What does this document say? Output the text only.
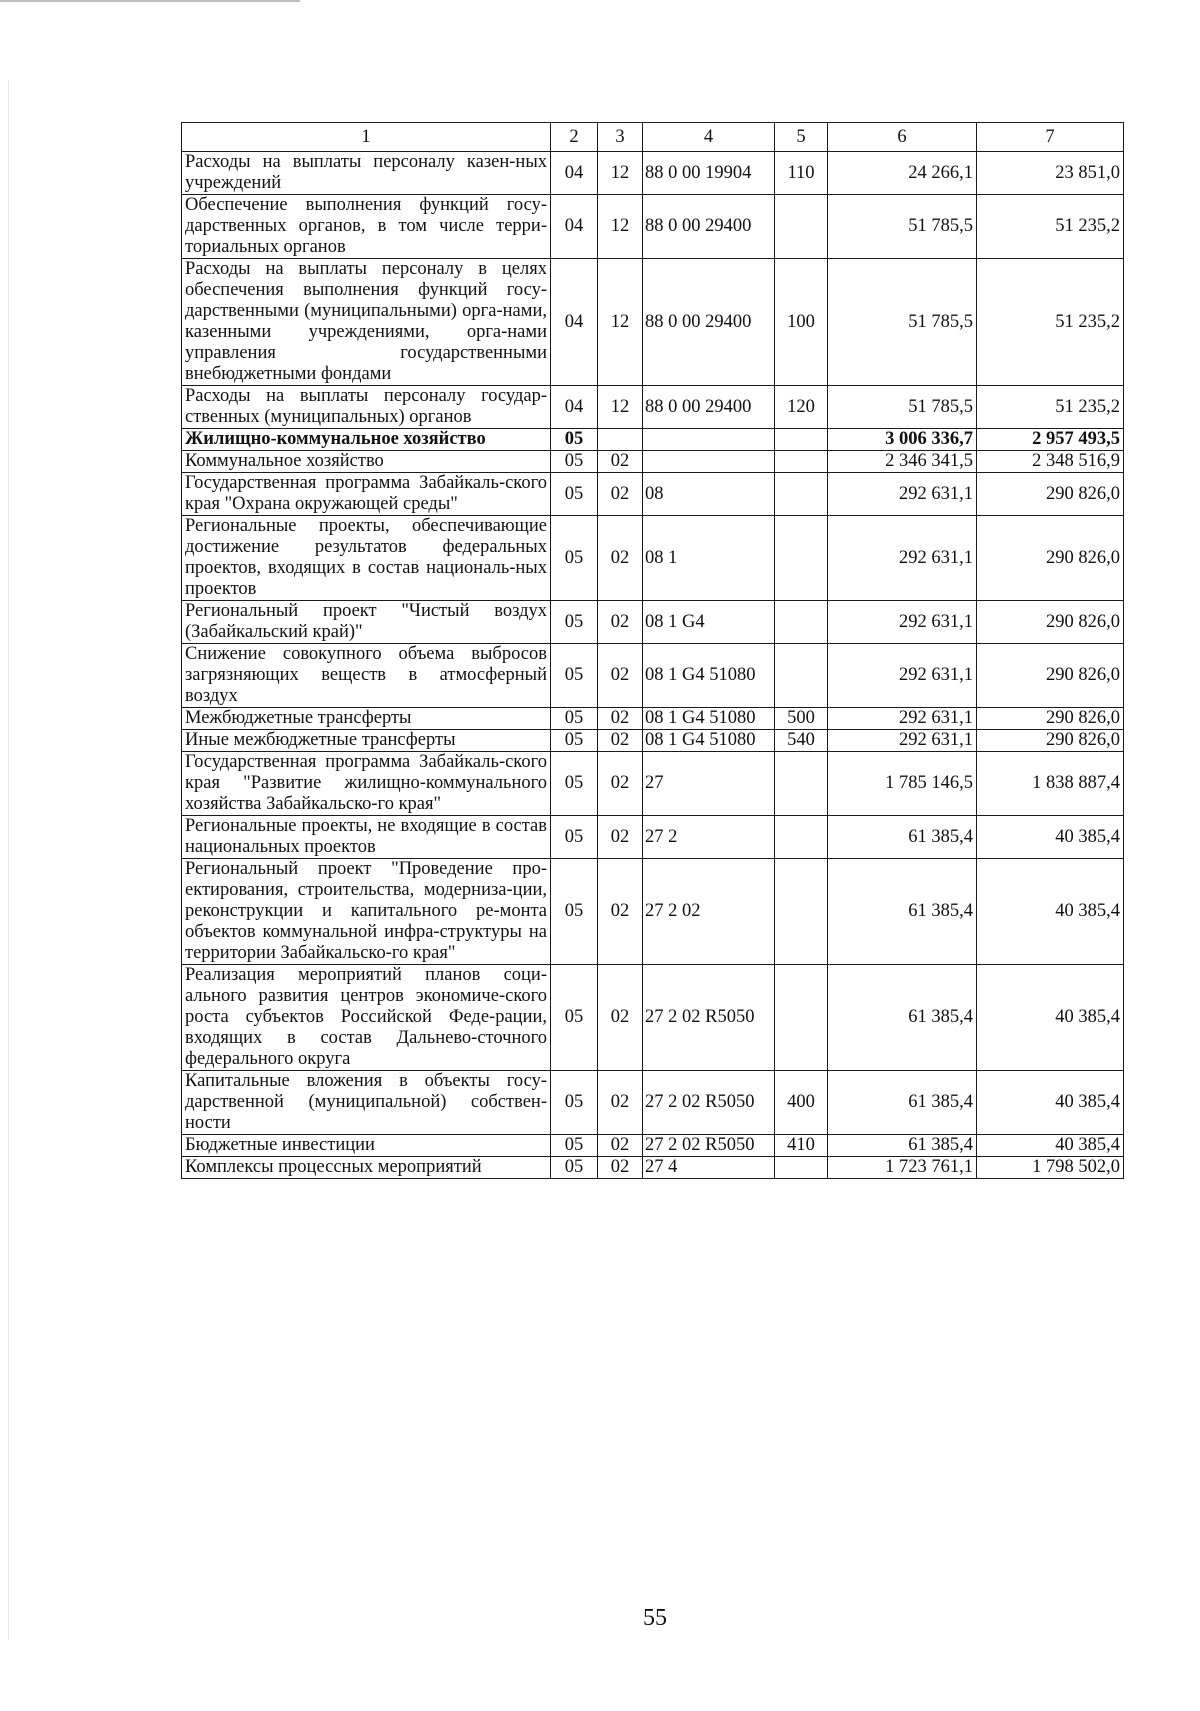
1	2	3	4	5	6	7
Расходы на выплаты персоналу казен-ных учреждений	04	12	88 0 00 19904	110	24 266,1	23 851,0
Обеспечение выполнения функций госу-дарственных органов, в том числе терри-ториальных органов	04	12	88 0 00 29400		51 785,5	51 235,2
Расходы на выплаты персоналу в целях обеспечения выполнения функций госу-дарственными (муниципальными) орга-нами, казенными учреждениями, орга-нами управления государственными внебюджетными фондами	04	12	88 0 00 29400	100	51 785,5	51 235,2
Расходы на выплаты персоналу государ-ственных (муниципальных) органов	04	12	88 0 00 29400	120	51 785,5	51 235,2
Жилищно-коммунальное хозяйство	05				3 006 336,7	2 957 493,5
Коммунальное хозяйство	05	02			2 346 341,5	2 348 516,9
Государственная программа Забайкаль-ского края "Охрана окружающей среды"	05	02	08		292 631,1	290 826,0
Региональные проекты, обеспечивающие достижение результатов федеральных проектов, входящих в состав националь-ных проектов	05	02	08 1		292 631,1	290 826,0
Региональный проект "Чистый воздух (Забайкальский край)"	05	02	08 1 G4		292 631,1	290 826,0
Снижение совокупного объема выбросов загрязняющих веществ в атмосферный воздух	05	02	08 1 G4 51080		292 631,1	290 826,0
Межбюджетные трансферты	05	02	08 1 G4 51080	500	292 631,1	290 826,0
Иные межбюджетные трансферты	05	02	08 1 G4 51080	540	292 631,1	290 826,0
Государственная программа Забайкаль-ского края "Развитие жилищно-коммунального хозяйства Забайкальско-го края"	05	02	27		1 785 146,5	1 838 887,4
Региональные проекты, не входящие в состав национальных проектов	05	02	27 2		61 385,4	40 385,4
Региональный проект "Проведение про-ектирования, строительства, модерниза-ции, реконструкции и капитального ре-монта объектов коммунальной инфра-структуры на территории Забайкальско-го края"	05	02	27 2 02		61 385,4	40 385,4
Реализация мероприятий планов соци-ального развития центров экономиче-ского роста субъектов Российской Феде-рации, входящих в состав Дальнево-сточного федерального округа	05	02	27 2 02 R5050		61 385,4	40 385,4
Капитальные вложения в объекты госу-дарственной (муниципальной) собствен-ности	05	02	27 2 02 R5050	400	61 385,4	40 385,4
Бюджетные инвестиции	05	02	27 2 02 R5050	410	61 385,4	40 385,4
Комплексы процессных мероприятий	05	02	27 4		1 723 761,1	1 798 502,0
55
